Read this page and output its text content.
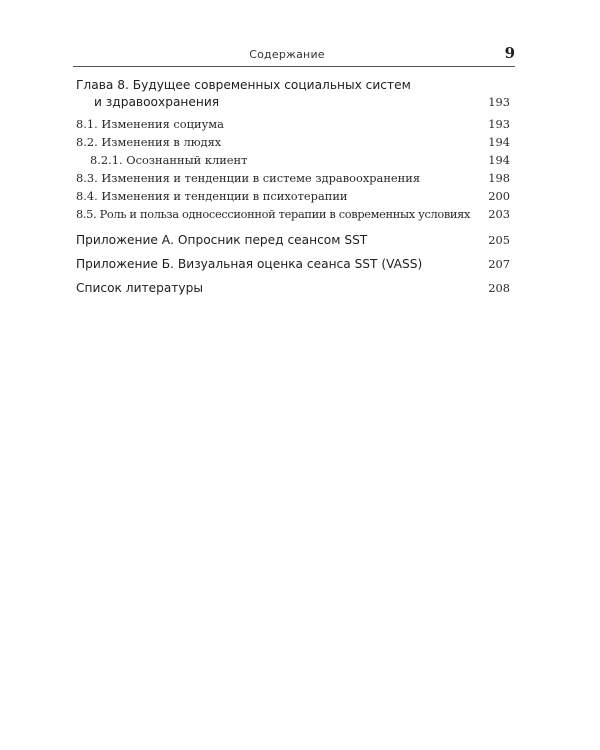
Содержание	9
Глава 8. Будущее современных социальных систем
и здравоохранения	193
8.1. Изменения социума	193
8.2. Изменения в людях	194
8.2.1. Осознанный клиент	194
8.3. Изменения и тенденции в системе здравоохранения	198
8.4. Изменения и тенденции в психотерапии	200
8.5. Роль и польза односессионной терапии в современных условиях 203
Приложение А. Опросник перед сеансом SST	205
Приложение Б. Визуальная оценка сеанса SST (VASS)	207
Список литературы	208
